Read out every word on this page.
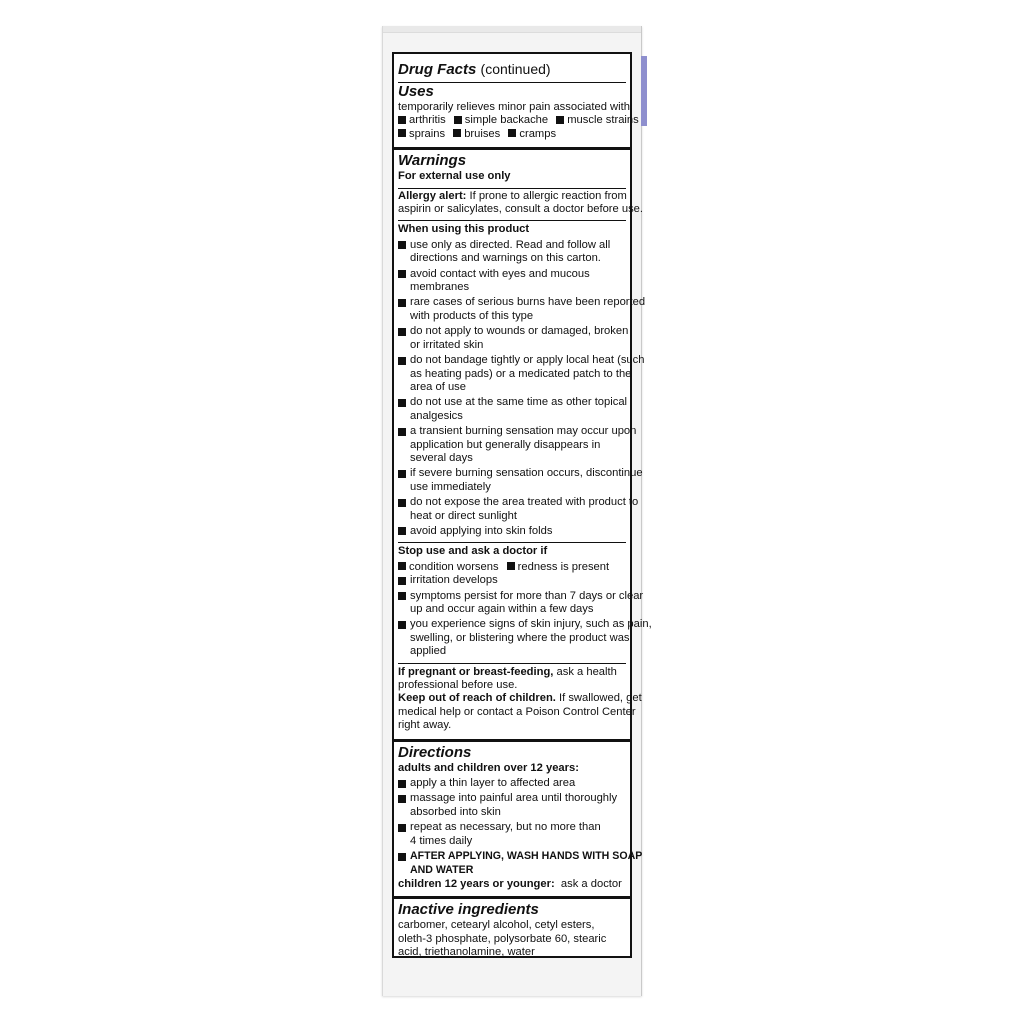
Drug Facts (continued)
Uses
temporarily relieves minor pain associated with:
arthritis simple backache muscle strains
sprains bruises cramps
Warnings
For external use only
Allergy alert: If prone to allergic reaction from
aspirin or salicylates, consult a doctor before use.
When using this product
use only as directed. Read and follow all
directions and warnings on this carton.
avoid contact with eyes and mucous
membranes
rare cases of serious burns have been reported
with products of this type
do not apply to wounds or damaged, broken
or irritated skin
do not bandage tightly or apply local heat (such
as heating pads) or a medicated patch to the
area of use
do not use at the same time as other topical
analgesics
a transient burning sensation may occur upon
application but generally disappears in
several days
if severe burning sensation occurs, discontinue
use immediately
do not expose the area treated with product to
heat or direct sunlight
avoid applying into skin folds
Stop use and ask a doctor if
condition worsens redness is present
irritation develops
symptoms persist for more than 7 days or clear
up and occur again within a few days
you experience signs of skin injury, such as pain,
swelling, or blistering where the product was
applied
If pregnant or breast-feeding, ask a health
professional before use.
Keep out of reach of children. If swallowed, get
medical help or contact a Poison Control Center
right away.
Directions
adults and children over 12 years:
apply a thin layer to affected area
massage into painful area until thoroughly
absorbed into skin
repeat as necessary, but no more than
4 times daily
AFTER APPLYING, WASH HANDS WITH SOAP
AND WATER
children 12 years or younger: ask a doctor
Inactive ingredients
carbomer, cetearyl alcohol, cetyl esters,
oleth-3 phosphate, polysorbate 60, stearic
acid, triethanolamine, water
